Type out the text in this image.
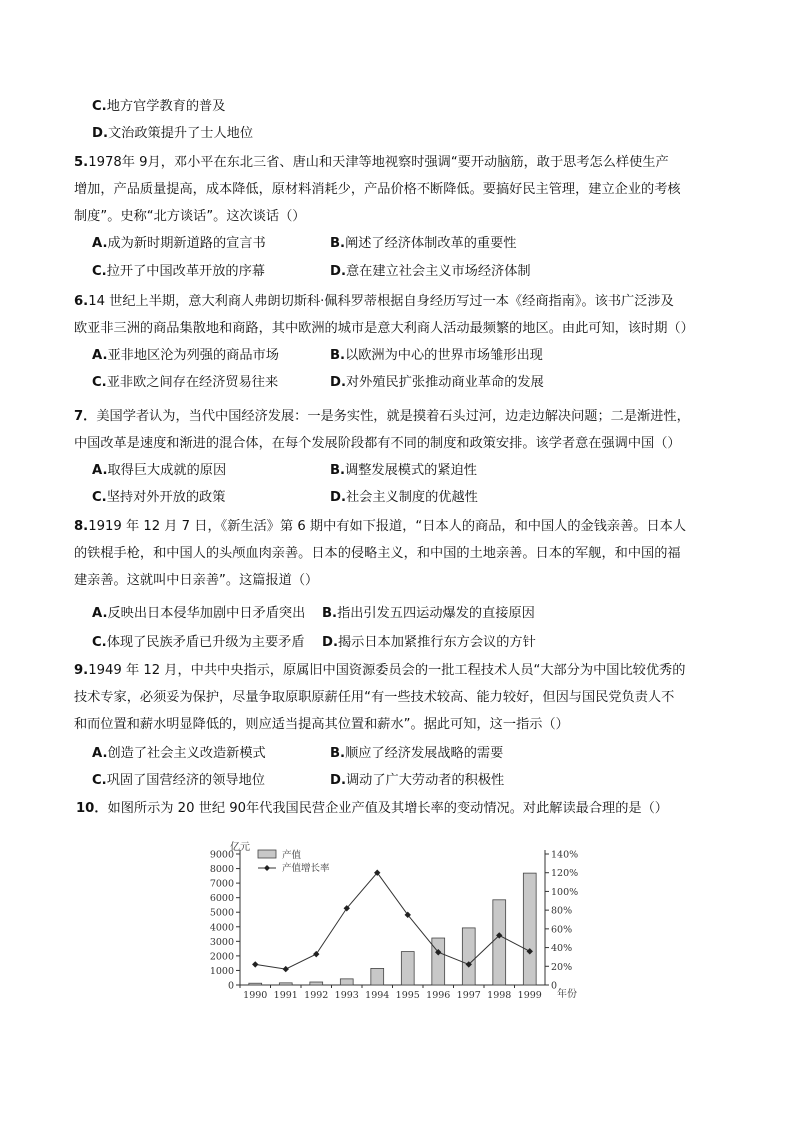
C.地方官学教育的普及
D.文治政策提升了士人地位
5.1978年 9月，邓小平在东北三省、唐山和天津等地视察时强调“要开动脑筋，敢于思考怎么样使生产
增加，产品质量提高，成本降低，原材料消耗少，产品价格不断降低。要搞好民主管理，建立企业的考核
制度”。史称“北方谈话”。这次谈话（）
A.成为新时期新道路的宣言书	B.阐述了经济体制改革的重要性
C.拉开了中国改革开放的序幕	D.意在建立社会主义市场经济体制
6.14 世纪上半期，意大利商人弗朗切斯科·佩科罗蒂根据自身经历写过一本《经商指南》。该书广泛涉及
欧亚非三洲的商品集散地和商路，其中欧洲的城市是意大利商人活动最频繁的地区。由此可知，该时期（）
A.亚非地区沦为列强的商品市场	B.以欧洲为中心的世界市场雏形出现
C.亚非欧之间存在经济贸易往来	D.对外殖民扩张推动商业革命的发展
7．美国学者认为，当代中国经济发展：一是务实性，就是摸着石头过河，边走边解决问题；二是渐进性，
中国改革是速度和渐进的混合体，在每个发展阶段都有不同的制度和政策安排。该学者意在强调中国（）
A.取得巨大成就的原因	B.调整发展模式的紧迫性
C.坚持对外开放的政策	D.社会主义制度的优越性
8.1919 年 12 月 7 日，《新生活》第 6 期中有如下报道，“日本人的商品，和中国人的金钱亲善。日本人
的铁棍手枪，和中国人的头颅血肉亲善。日本的侵略主义，和中国的土地亲善。日本的军舰，和中国的福
建亲善。这就叫中日亲善”。这篇报道（）
A.反映出日本侵华加剧中日矛盾突出 B.指出引发五四运动爆发的直接原因
C.体现了民族矛盾已升级为主要矛盾 D.揭示日本加紧推行东方会议的方针
9.1949 年 12 月，中共中央指示，原属旧中国资源委员会的一批工程技术人员“大部分为中国比较优秀的
技术专家，必须妥为保护，尽量争取原职原薪任用“有一些技术较高、能力较好，但因与国民党负责人不
和而位置和薪水明显降低的，则应适当提高其位置和薪水”。据此可知，这一指示（）
A.创造了社会主义改造新模式	B.顺应了经济发展战略的需要
C.巩固了国营经济的领导地位	D.调动了广大劳动者的积极性
10．如图所示为 20 世纪 90年代我国民营企业产值及其增长率的变动情况。对此解读最合理的是（）
亿元
年份
0
1000
2000
3000
4000
5000
6000
7000
8000
9000
0
20%
40%
60%
80%
100%
120%
140%
1990 1991 1992 1993 1994 1995 1996 1997 1998 1999
产值
产值增长率
